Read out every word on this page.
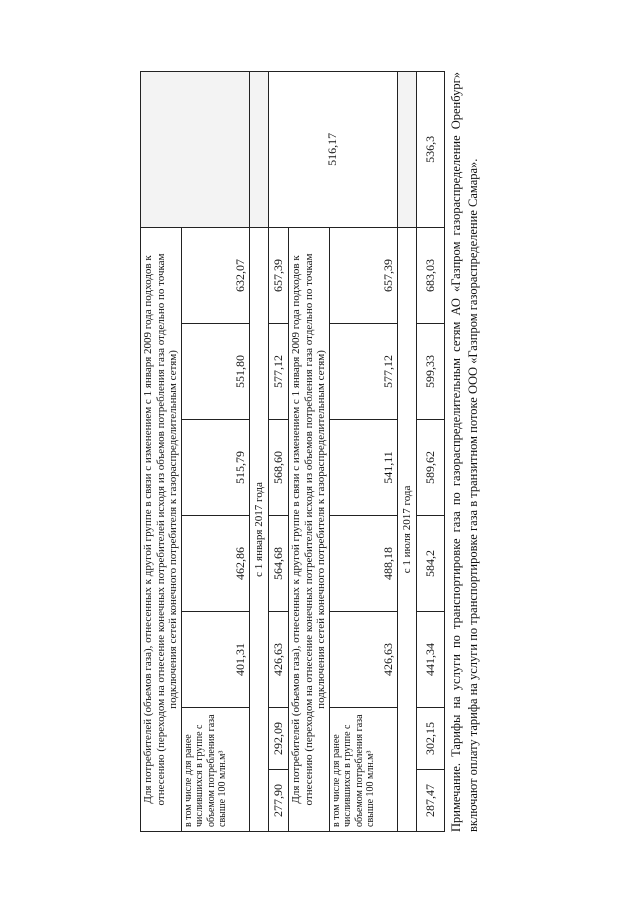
Для потребителей (объемов газа), отнесенных к другой группе в связи с изменением с 1 января 2009 года подходов к отнесению (переходом на отнесение конечных потребителей исходя из объемов потребления газа отдельно по точкам подключения сетей конечного потребителя к газораспределительным сетям)							
в том числе для ранее числившихся в группе с объемом потребления газа свыше 100 млн.м³		401,31	462,86	515,79	551,80	632,07	
с 1 января 2017 года							
277,90	292,09	426,63	564,68	568,60	577,12	657,39	516,17
Для потребителей (объемов газа), отнесенных к другой группе в связи с изменением с 1 января 2009 года подходов к отнесению (переходом на отнесение конечных потребителей исходя из объемов потребления газа отдельно по точкам подключения сетей конечного потребителя к газораспределительным сетям)							
в том числе для ранее числившихся в группе с объемом потребления газа свыше 100 млн.м³		426,63	488,18	541,11	577,12	657,39	
с 1 июля 2017 года							
287,47	302,15	441,34	584,2	589,62	599,33	683,03	536,3 Примечание. Тарифы на услуги по транспортировке газа по газораспределительным сетям АО «Газпром газораспределение Оренбург» включают оплату тарифа на услуги по транспортировке газа в транзитном потоке ООО «Газпром газораспределение Самара».
